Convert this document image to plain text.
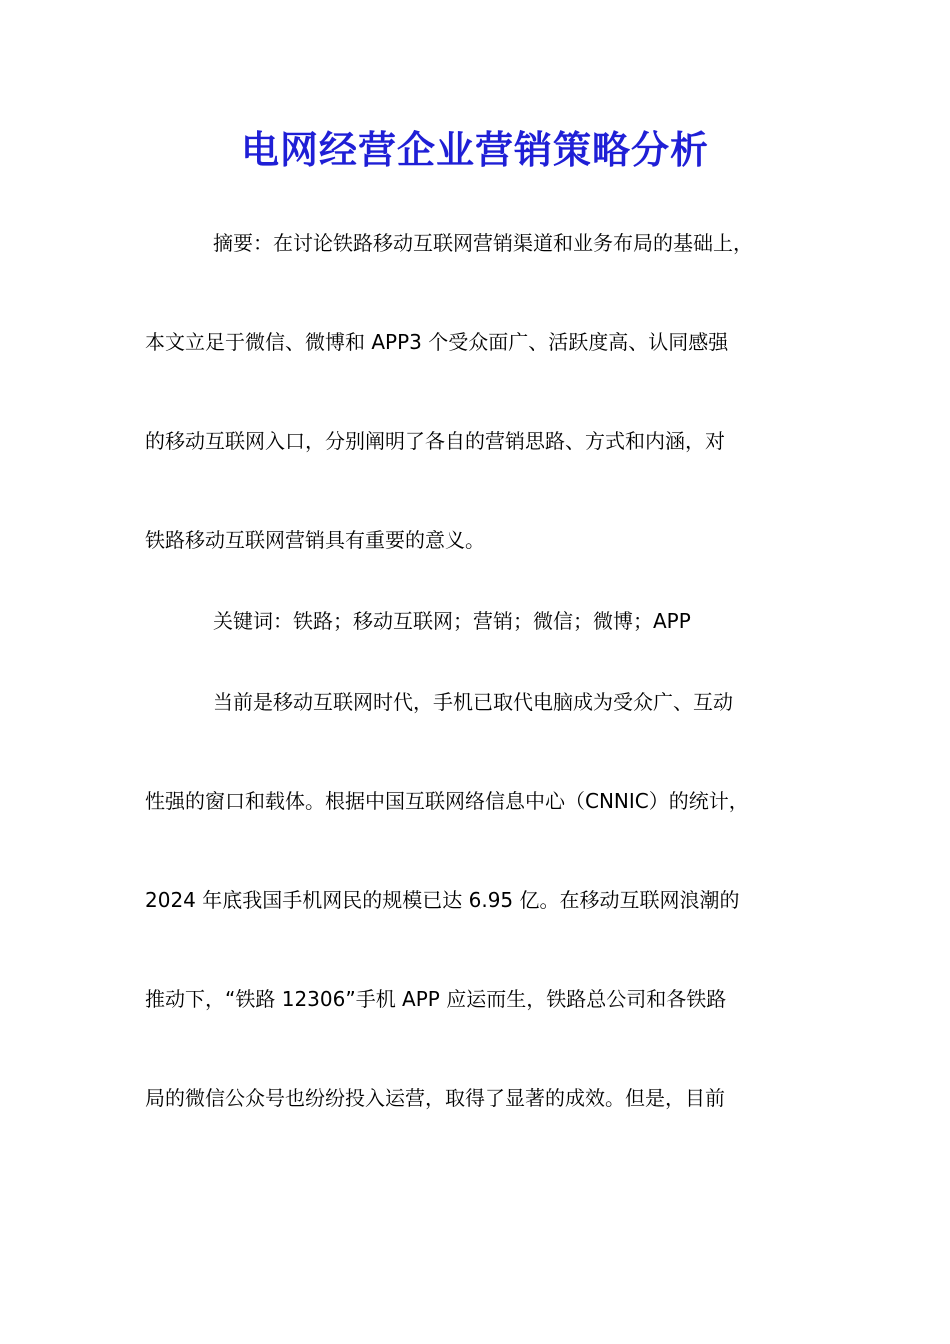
电网经营企业营销策略分析
摘要：在讨论铁路移动互联网营销渠道和业务布局的基础上，
本文立足于微信、微博和 APP3 个受众面广、活跃度高、认同感强
的移动互联网入口，分别阐明了各自的营销思路、方式和内涵，对
铁路移动互联网营销具有重要的意义。
关键词：铁路；移动互联网；营销；微信；微博；APP
当前是移动互联网时代，手机已取代电脑成为受众广、互动
性强的窗口和载体。根据中国互联网络信息中心（CNNIC）的统计，
2024 年底我国手机网民的规模已达 6.95 亿。在移动互联网浪潮的
推动下，“铁路 12306”手机 APP 应运而生，铁路总公司和各铁路
局的微信公众号也纷纷投入运营，取得了显著的成效。但是，目前
